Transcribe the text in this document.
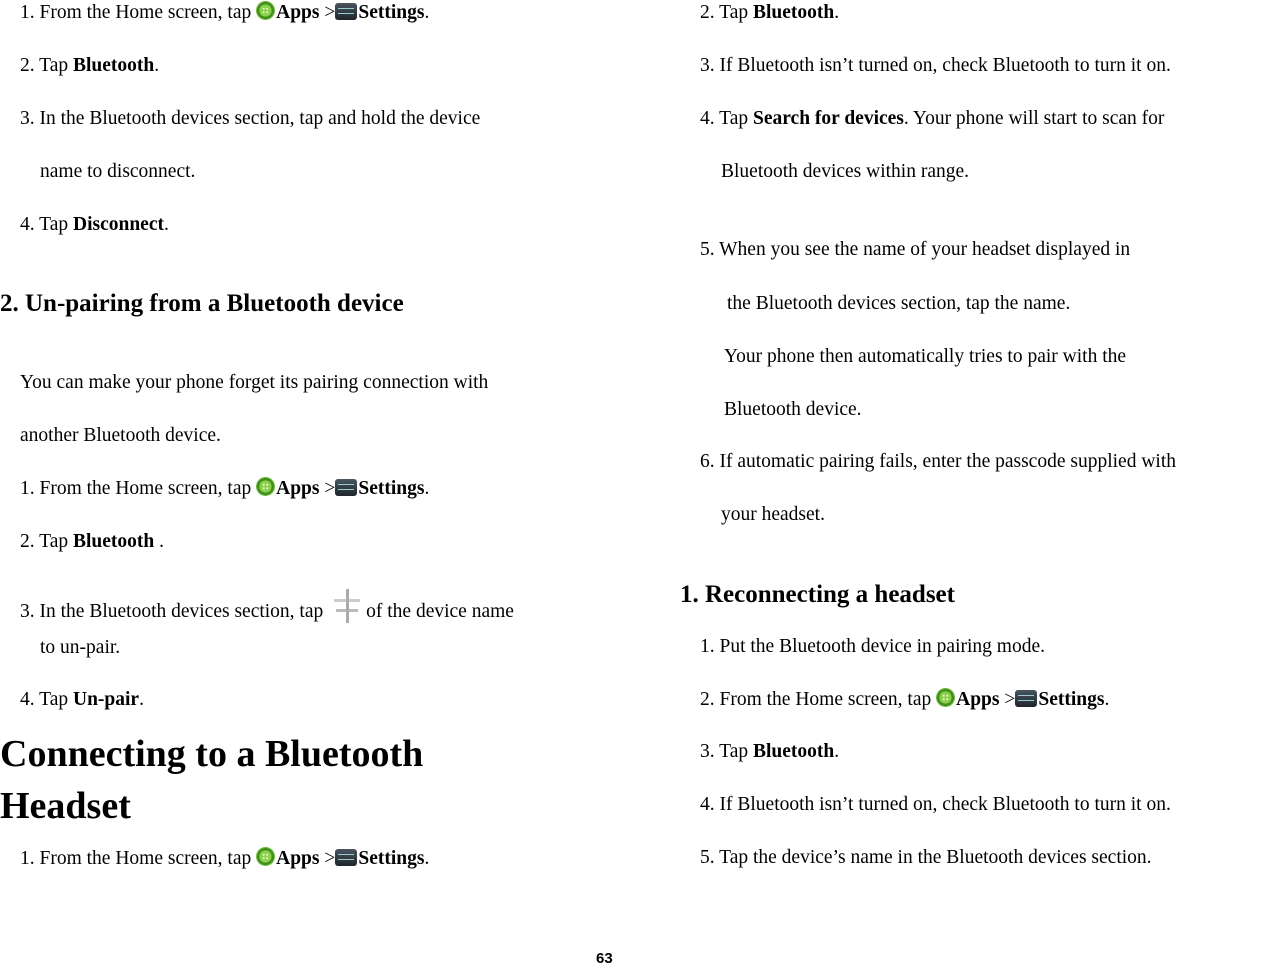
1. From the Home screen, tap Apps > Settings.
2. Tap Bluetooth.
3. In the Bluetooth devices section, tap and hold the device
name to disconnect.
4. Tap Disconnect.
2. Un-pairing from a Bluetooth device
You can make your phone forget its pairing connection with
another Bluetooth device.
1. From the Home screen, tap Apps > Settings.
2. Tap Bluetooth .
3. In the Bluetooth devices section, tap of the device name
to un-pair.
4. Tap Un-pair.
Connecting to a Bluetooth
Headset
1. From the Home screen, tap Apps > Settings.
2. Tap Bluetooth.
3. If Bluetooth isn’t turned on, check Bluetooth to turn it on.
4. Tap Search for devices. Your phone will start to scan for
Bluetooth devices within range.
5. When you see the name of your headset displayed in
the Bluetooth devices section, tap the name.
Your phone then automatically tries to pair with the
Bluetooth device.
6. If automatic pairing fails, enter the passcode supplied with
your headset.
1. Reconnecting a headset
1. Put the Bluetooth device in pairing mode.
2. From the Home screen, tap Apps > Settings.
3. Tap Bluetooth.
4. If Bluetooth isn’t turned on, check Bluetooth to turn it on.
5. Tap the device’s name in the Bluetooth devices section.
63
